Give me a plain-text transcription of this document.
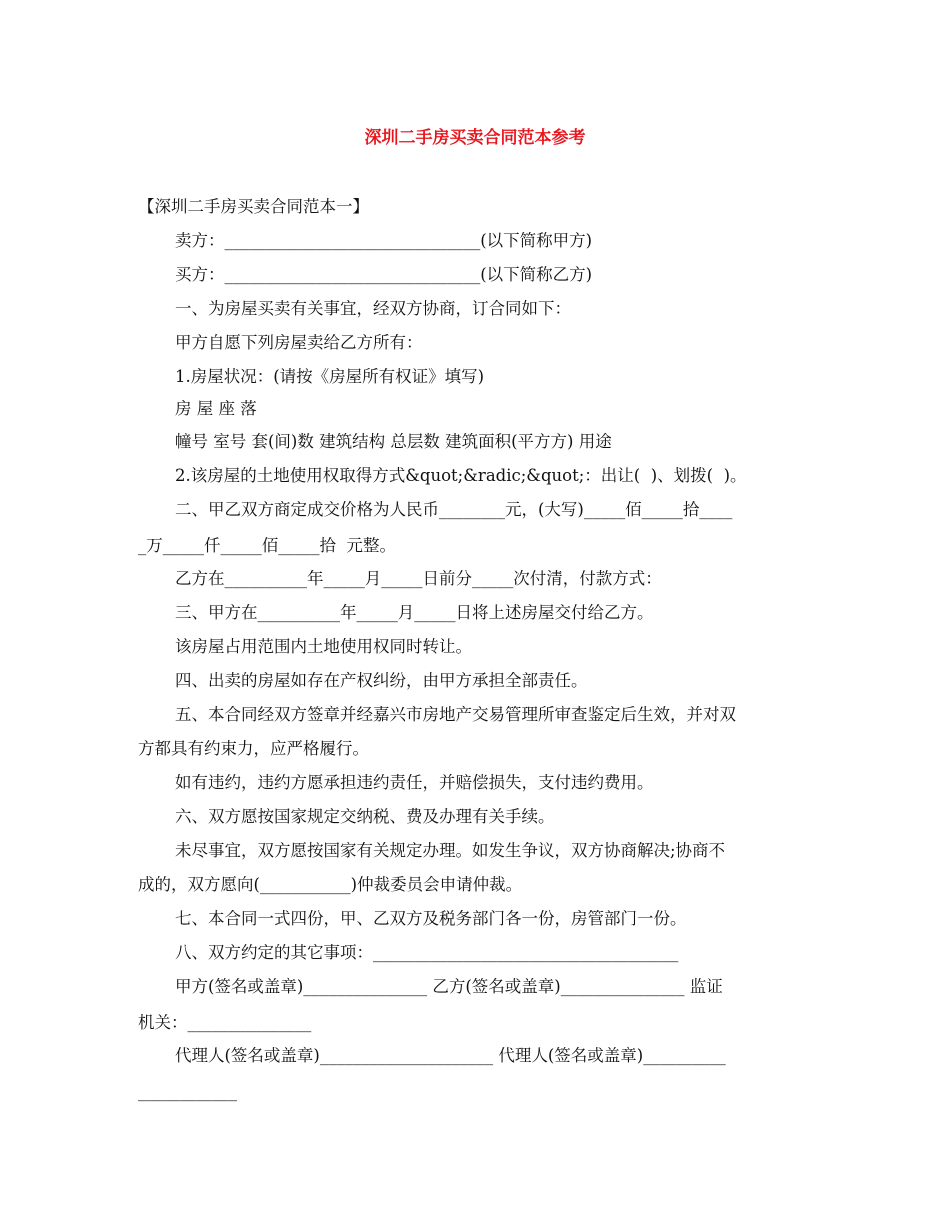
深圳二手房买卖合同范本参考
【深圳二手房买卖合同范本一】
卖方：_______________________________(以下简称甲方)
买方：_______________________________(以下简称乙方)
一、为房屋买卖有关事宜，经双方协商，订合同如下：
甲方自愿下列房屋卖给乙方所有：
1.房屋状况：(请按《房屋所有权证》填写)
房 屋 座 落
幢号 室号 套(间)数 建筑结构 总层数 建筑面积(平方方) 用途
2.该房屋的土地使用权取得方式&quot;&radic;&quot;：出让(  )、划拨(  )。
二、甲乙双方商定成交价格为人民币________元，(大写)_____佰_____拾____
_万_____仟_____佰_____拾  元整。
乙方在__________年_____月_____日前分_____次付清，付款方式：
三、甲方在__________年_____月_____日将上述房屋交付给乙方。
该房屋占用范围内土地使用权同时转让。
四、出卖的房屋如存在产权纠纷，由甲方承担全部责任。
五、本合同经双方签章并经嘉兴市房地产交易管理所审查鉴定后生效，并对双
方都具有约束力，应严格履行。
如有违约，违约方愿承担违约责任，并赔偿损失，支付违约费用。
六、双方愿按国家规定交纳税、费及办理有关手续。
未尽事宜，双方愿按国家有关规定办理。如发生争议，双方协商解决;协商不
成的，双方愿向(___________)仲裁委员会申请仲裁。
七、本合同一式四份，甲、乙双方及税务部门各一份，房管部门一份。
八、双方约定的其它事项：_____________________________________
甲方(签名或盖章)_______________ 乙方(签名或盖章)_______________ 监证
机关：_______________
代理人(签名或盖章)_____________________ 代理人(签名或盖章)__________
____________
